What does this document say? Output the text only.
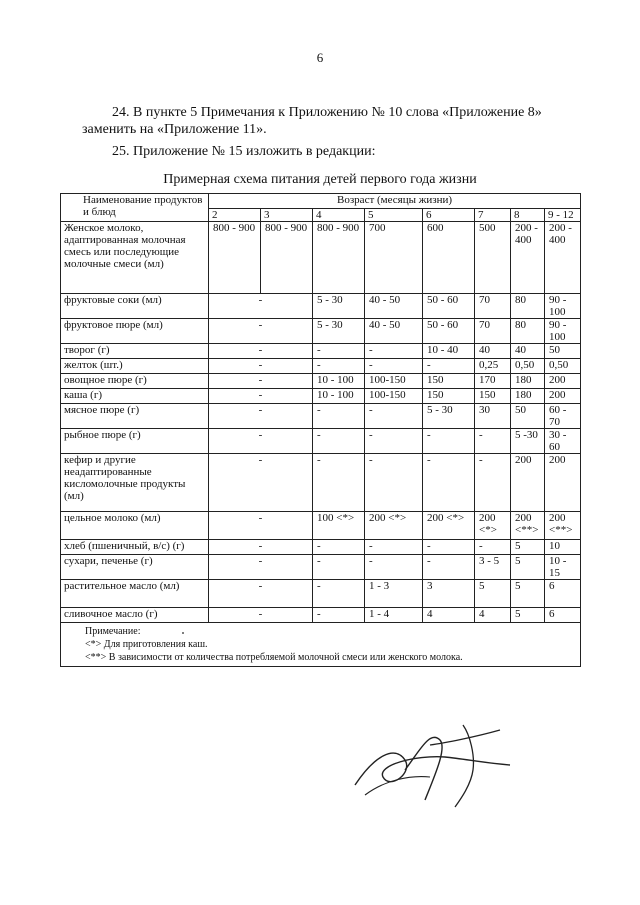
6
24. В пункте 5 Примечания к Приложению № 10 слова «Приложение 8» заменить на «Приложение 11».
25. Приложение № 15 изложить в редакции:
Примерная схема питания детей первого года жизни
Наименование продуктов и блюд	Возраст (месяцы жизни)							
	2	3	4	5	6	7	8	9 - 12
Женское молоко, адаптированная молочная смесь или последующие молочные смеси (мл)	800 - 900	800 - 900	800 - 900	700	600	500	200 - 400	200 - 400
фруктовые соки (мл)	-		5 - 30	40 - 50	50 - 60	70	80	90 - 100
фруктовое пюре (мл)	-		5 - 30	40 - 50	50 - 60	70	80	90 - 100
творог (г)	-		-	-	10 - 40	40	40	50
желток (шт.)	-		-	-	-	0,25	0,50	0,50
овощное пюре (г)	-		10 - 100	100-150	150	170	180	200
каша (г)	-		10 - 100	100-150	150	150	180	200
мясное пюре (г)	-		-	-	5 - 30	30	50	60 - 70
рыбное пюре (г)	-		-	-	-	-	5 -30	30 - 60
кефир и другие неадаптированные кисломолочные продукты (мл)	-		-	-	-	-	200	200
цельное молоко (мл)	-		100 <*>	200 <*>	200 <*>	200 <*>	200 <**>	200 <**>
хлеб (пшеничный, в/с) (г)	-		-	-	-	-	5	10
сухари, печенье (г)	-		-	-	-	3 - 5	5	10 - 15
растительное масло (мл)	-		-	1 - 3	3	5	5	6
сливочное масло (г)	-		-	1 - 4	4	4	5	6

Примечание:
<*> Для приготовления каш.
<**> В зависимости от количества потребляемой молочной смеси или женского молока.								
